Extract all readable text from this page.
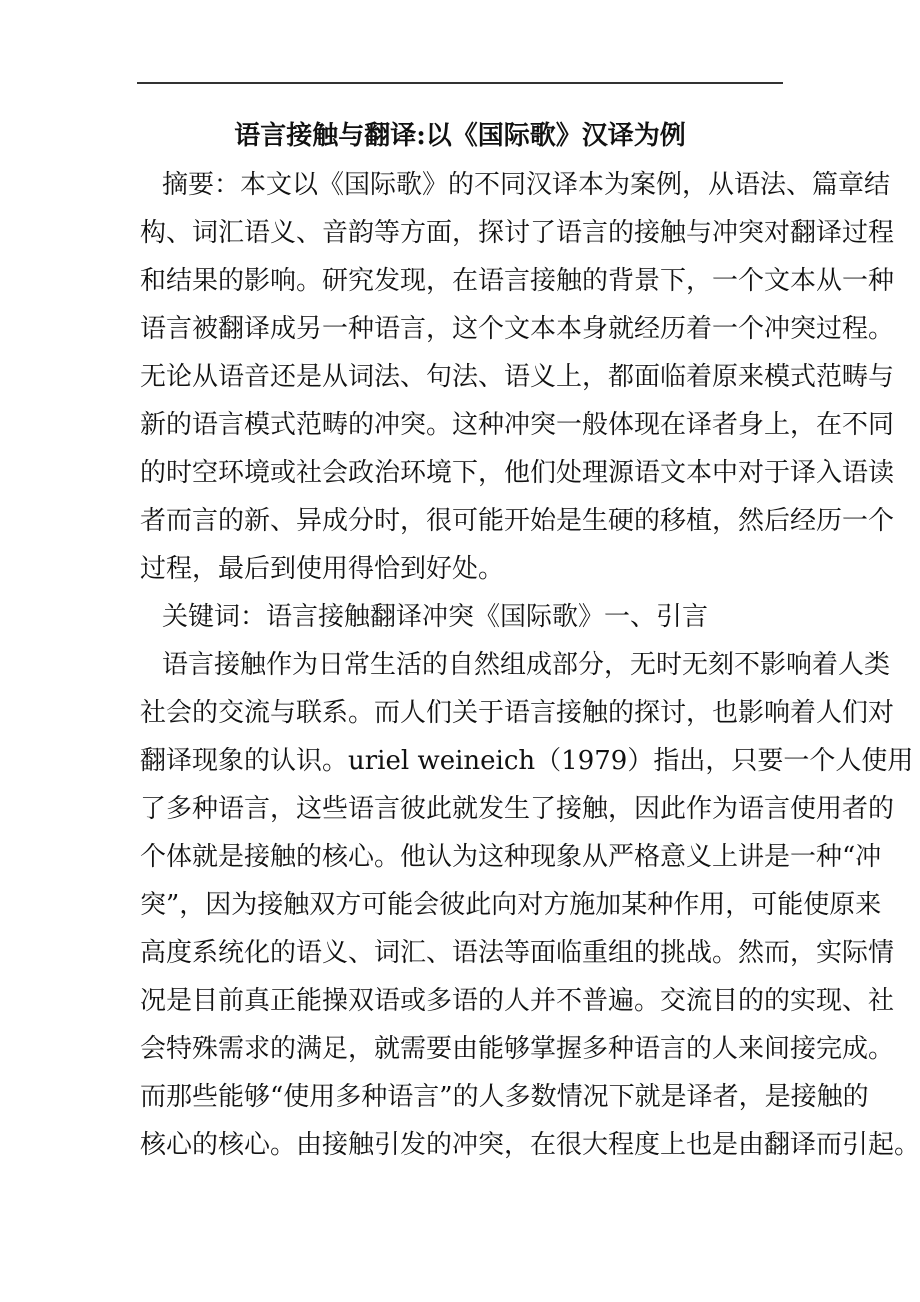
语言接触与翻译:以《国际歌》汉译为例
摘要：本文以《国际歌》的不同汉译本为案例，从语法、篇章结
构、词汇语义、音韵等方面，探讨了语言的接触与冲突对翻译过程
和结果的影响。研究发现，在语言接触的背景下，一个文本从一种
语言被翻译成另一种语言，这个文本本身就经历着一个冲突过程。
无论从语音还是从词法、句法、语义上，都面临着原来模式范畴与
新的语言模式范畴的冲突。这种冲突一般体现在译者身上，在不同
的时空环境或社会政治环境下，他们处理源语文本中对于译入语读
者而言的新、异成分时，很可能开始是生硬的移植，然后经历一个
过程，最后到使用得恰到好处。
关键词：语言接触翻译冲突《国际歌》一、引言
语言接触作为日常生活的自然组成部分，无时无刻不影响着人类
社会的交流与联系。而人们关于语言接触的探讨，也影响着人们对
翻译现象的认识。uriel weineich（1979）指出，只要一个人使用
了多种语言，这些语言彼此就发生了接触，因此作为语言使用者的
个体就是接触的核心。他认为这种现象从严格意义上讲是一种“冲
突”，因为接触双方可能会彼此向对方施加某种作用，可能使原来
高度系统化的语义、词汇、语法等面临重组的挑战。然而，实际情
况是目前真正能操双语或多语的人并不普遍。交流目的的实现、社
会特殊需求的满足，就需要由能够掌握多种语言的人来间接完成。
而那些能够“使用多种语言”的人多数情况下就是译者，是接触的
核心的核心。由接触引发的冲突，在很大程度上也是由翻译而引起。
